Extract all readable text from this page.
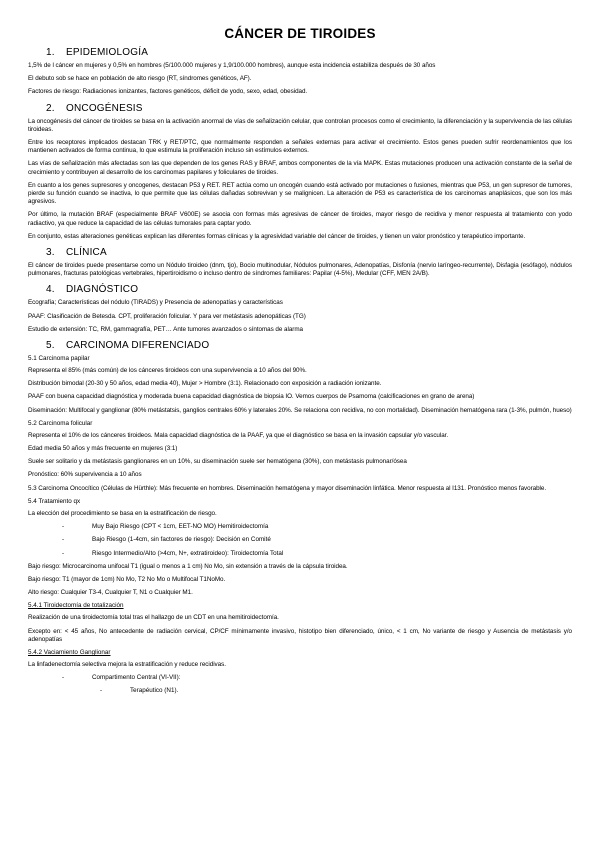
CÁNCER DE TIROIDES
1. EPIDEMIOLOGÍA

1,5% de l cáncer en mujeres y 0,5% en hombres (5/100.000 mujeres y 1,9/100.000 hombres), aunque esta incidencia estabiliza después de 30 años

El debuto sob se hace en población de alto riesgo (RT, síndromes genéticos, AF).

Factores de riesgo: Radiaciones ionizantes, factores genéticos, déficit de yodo, sexo, edad, obesidad.

2. ONCOGÉNESIS

La oncogénesis del cáncer de tiroides se basa en la activación anormal de vías de señalización celular, que controlan procesos como el crecimiento, la diferenciación y la supervivencia de las células tiroideas.

Entre los receptores implicados destacan TRK y RET/PTC, que normalmente responden a señales externas para activar el crecimiento. Estos genes pueden sufrir reordenamientos que los mantienen activados de forma continua, lo que estimula la proliferación incluso sin estímulos externos.

Las vías de señalización más afectadas son las que dependen de los genes RAS y BRAF, ambos componentes de la vía MAPK. Estas mutaciones producen una activación constante de la señal de crecimiento y contribuyen al desarrollo de los carcinomas papilares y foliculares de tiroides.

En cuanto a los genes supresores y oncogenes, destacan P53 y RET. RET actúa como un oncogén cuando está activado por mutaciones o fusiones, mientras que P53, un gen supresor de tumores, pierde su función cuando se inactiva, lo que permite que las células dañadas sobrevivan y se malignicen. La alteración de P53 es característica de los carcinomas anaplásicos, que son los más agresivos.

Por último, la mutación BRAF (especialmente BRAF V600E) se asocia con formas más agresivas de cáncer de tiroides, mayor riesgo de recidiva y menor respuesta al tratamiento con yodo radiactivo, ya que reduce la capacidad de las células tumorales para captar yodo.

En conjunto, estas alteraciones genéticas explican las diferentes formas clínicas y la agresividad variable del cáncer de tiroides, y tienen un valor pronóstico y terapéutico importante.

3. CLÍNICA

El cáncer de tiroides puede presentarse como un Nódulo tiroideo (dnm, tjo), Bocio multinodular, Nódulos pulmonares, Adenopatías, Disfonía (nervio laríngeo-recurrente), Disfagia (esófago), nódulos pulmonares, fracturas patológicas vertebrales, hipertiroidismo o incluso dentro de síndromes familiares: Papilar (4-5%), Medular (CFF, MEN 2A/B).

4. DIAGNÓSTICO

Ecografía; Características del nódulo (TIRADS) y Presencia de adenopatías y características

PAAF: Clasificación de Betesda. CPT, proliferación folicular. Y para ver metástasis adenopáticas (TG)

Estudio de extensión: TC, RM, gammagrafía, PET… Ante tumores avanzados o síntomas de alarma

5. CARCINOMA DIFERENCIADO
5.1 Carcinoma papilar

Representa el 85% (más común) de los cánceres tiroideos con una supervivencia a 10 años del 90%.

Distribución bimodal (20-30 y 50 años, edad media 40), Mujer > Hombre (3:1). Relacionado con exposición a radiación ionizante.

PAAF con buena capacidad diagnóstica y moderada buena capacidad diagnóstica de biopsia IO. Vemos cuerpos de Psamoma (calcificaciones en grano de arena)

Diseminación: Multifocal y ganglionar (80% metástatsis, ganglios centrales 60% y laterales 20%. Se relaciona con recidiva, no con mortalidad). Diseminación hematógena rara (1-3%, pulmón, hueso)

5.2 Carcinoma folicular

Representa el 10% de los cánceres tiroideos. Mala capacidad diagnóstica de la PAAF, ya que el diagnóstico se basa en la invasión capsular y/o vascular.

Edad media 50 años y más frecuente en mujeres (3:1)

Suele ser solitario y da metástasis ganglionares en un 10%, su diseminación suele ser hematógena (30%), con metástasis pulmonar/ósea

Pronóstico: 60% supervivencia a 10 años

5.3 Carcinoma Oncocítico (Células de Hürthle): Más frecuente en hombres. Diseminación hematógena y mayor diseminación linfática. Menor respuesta al I131. Pronóstico menos favorable.

5.4 Tratamiento qx

La elección del procedimiento se basa en la estratificación de riesgo.

-	Muy Bajo Riesgo (CPT < 1cm, EET-NO MO) Hemitiroidectomía
-	Bajo Riesgo (1-4cm, sin factores de riesgo): Decisión en Comité
-	Riesgo Intermedio/Alto (>4cm, N+, extratiroideo): Tiroidectomía Total

Bajo riesgo: Microcarcinoma unifocal T1 (igual o menos a 1 cm) No Mo, sin extensión a través de la cápsula tiroidea.

Bajo riesgo: T1 (mayor de 1cm) No Mo, T2 No Mo o Multifocal T1NoMo.

Alto riesgo: Cualquier T3-4, Cualquier T, N1 o Cualquier M1.

5.4.1 Tiroidectomía de totalización

Realización de una tiroidectomía total tras el hallazgo de un CDT en una hemitiroidectomía.

Excepto en: < 45 años, No antecedente de radiación cervical, CP/CF mínimamente invasivo, histotipo bien diferenciado, único, < 1 cm, No variante de riesgo y Ausencia de metástasis y/o adenopatías

5.4.2 Vaciamiento Ganglionar

La linfadenectomía selectiva mejora la estratificación y reduce recidivas.

-	Compartimento Central (VI-VII):
-	Terapéutico (N1).
